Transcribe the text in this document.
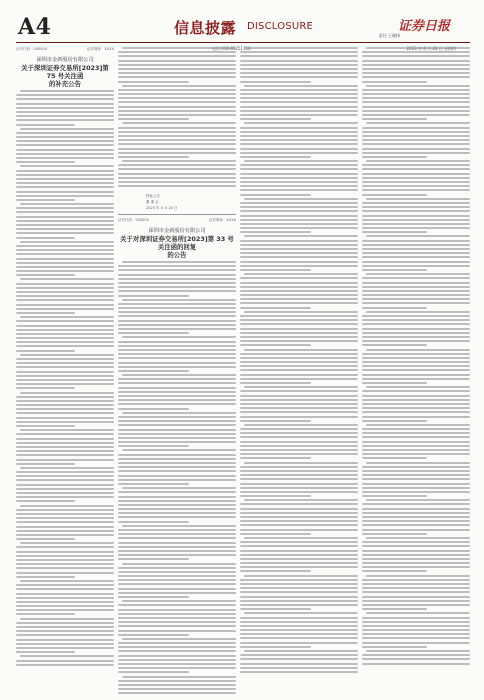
A4	信息披露 DISCLOSURE	证券日报
责任 王晓扬
010-83251716
证券代码：000000	证券简称：XXXX
深圳市金新股份有限公司
关于深圳证券交易所[2023]第 75 号关注函
的补充公告
特此公告
董 事 会
2023 年 4 月 20 日
证券代码：000000	证券简称：XXXX
深圳市金新股份有限公司
关于对深圳证券交易所[2023]第 33 号关注函的回复
的公告
